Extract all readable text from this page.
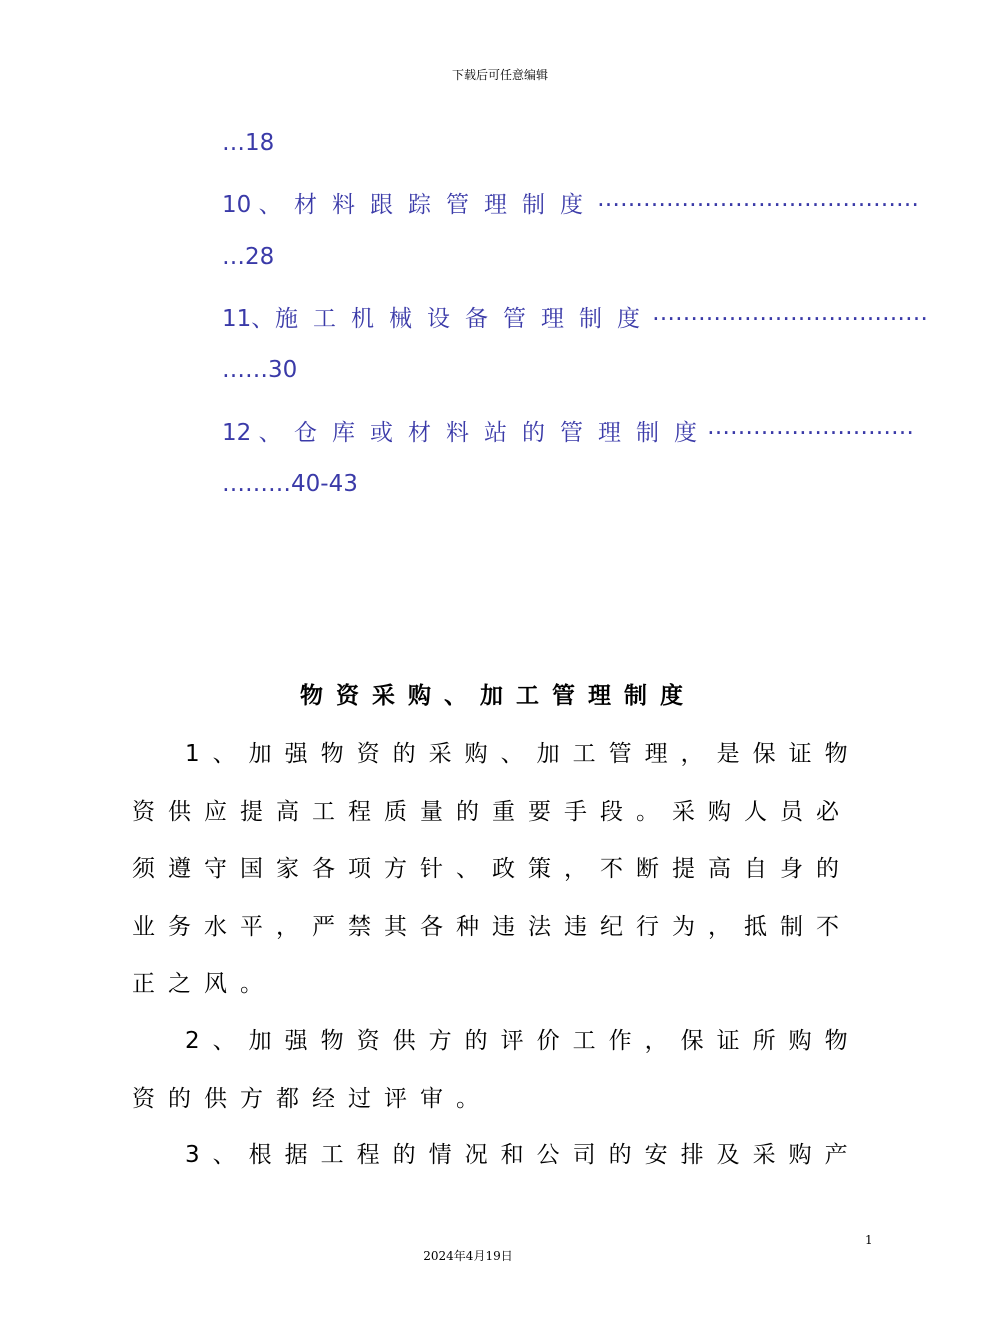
下载后可任意编辑
…18
10 、 材料跟踪管理制度 ……………………………………
…28
11、 施工机械设备管理制度
………………………………
……30
12 、 仓库或材料站的管理制度
………………………
………40-43
物资采购、加工管理制度
1、加强物资的采购、加工管理，是保证物
资供应提高工程质量的重要手段。采购人员必
须遵守国家各项方针、政策，不断提高自身的
业务水平，严禁其各种违法违纪行为，抵制不
正之风。
2、加强物资供方的评价工作，保证所购物
资的供方都经过评审。
3、根据工程的情况和公司的安排及采购产
1
2024年4月19日
